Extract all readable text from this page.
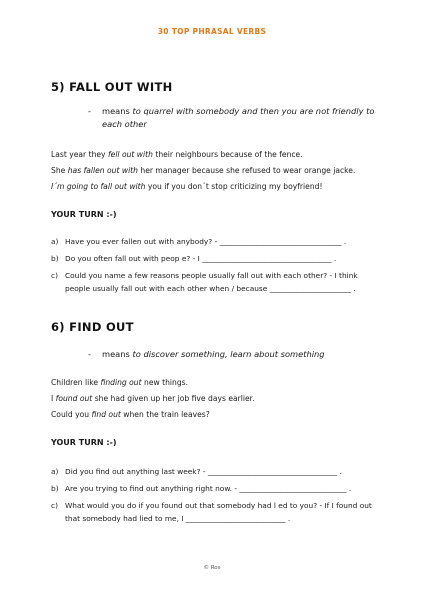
30 TOP PHRASAL VERBS
5) FALL OUT WITH
-	means to quarrel with somebody and then you are not friendly to each other
Last year they fell out with their neighbours because of the fence.
She has fallen out with her manager because she refused to wear orange jacke.
I´m going to fall out with you if you don´t stop criticizing my boyfriend!
YOUR TURN :-)
a) Have you ever fallen out with anybody? - _________________________________ .
b) Do you often fall out with peop e? - I ___________________________________ .
c) Could you name a few reasons people usually fall out with each other? - I think people usually fall out with each other when / because ______________________ .
6) FIND OUT
-	means to discover something, learn about something
Children like finding out new things.
I found out she had given up her job five days earlier.
Could you find out when the train leaves?
YOUR TURN :-)
a) Did you find out anything last week? - ___________________________________ .
b) Are you trying to find out anything right now. - _____________________________ .
c) What would you do if you found out that somebody had l ed to you? - If I found out that somebody had lied to me, I ___________________________ .
© Ros
